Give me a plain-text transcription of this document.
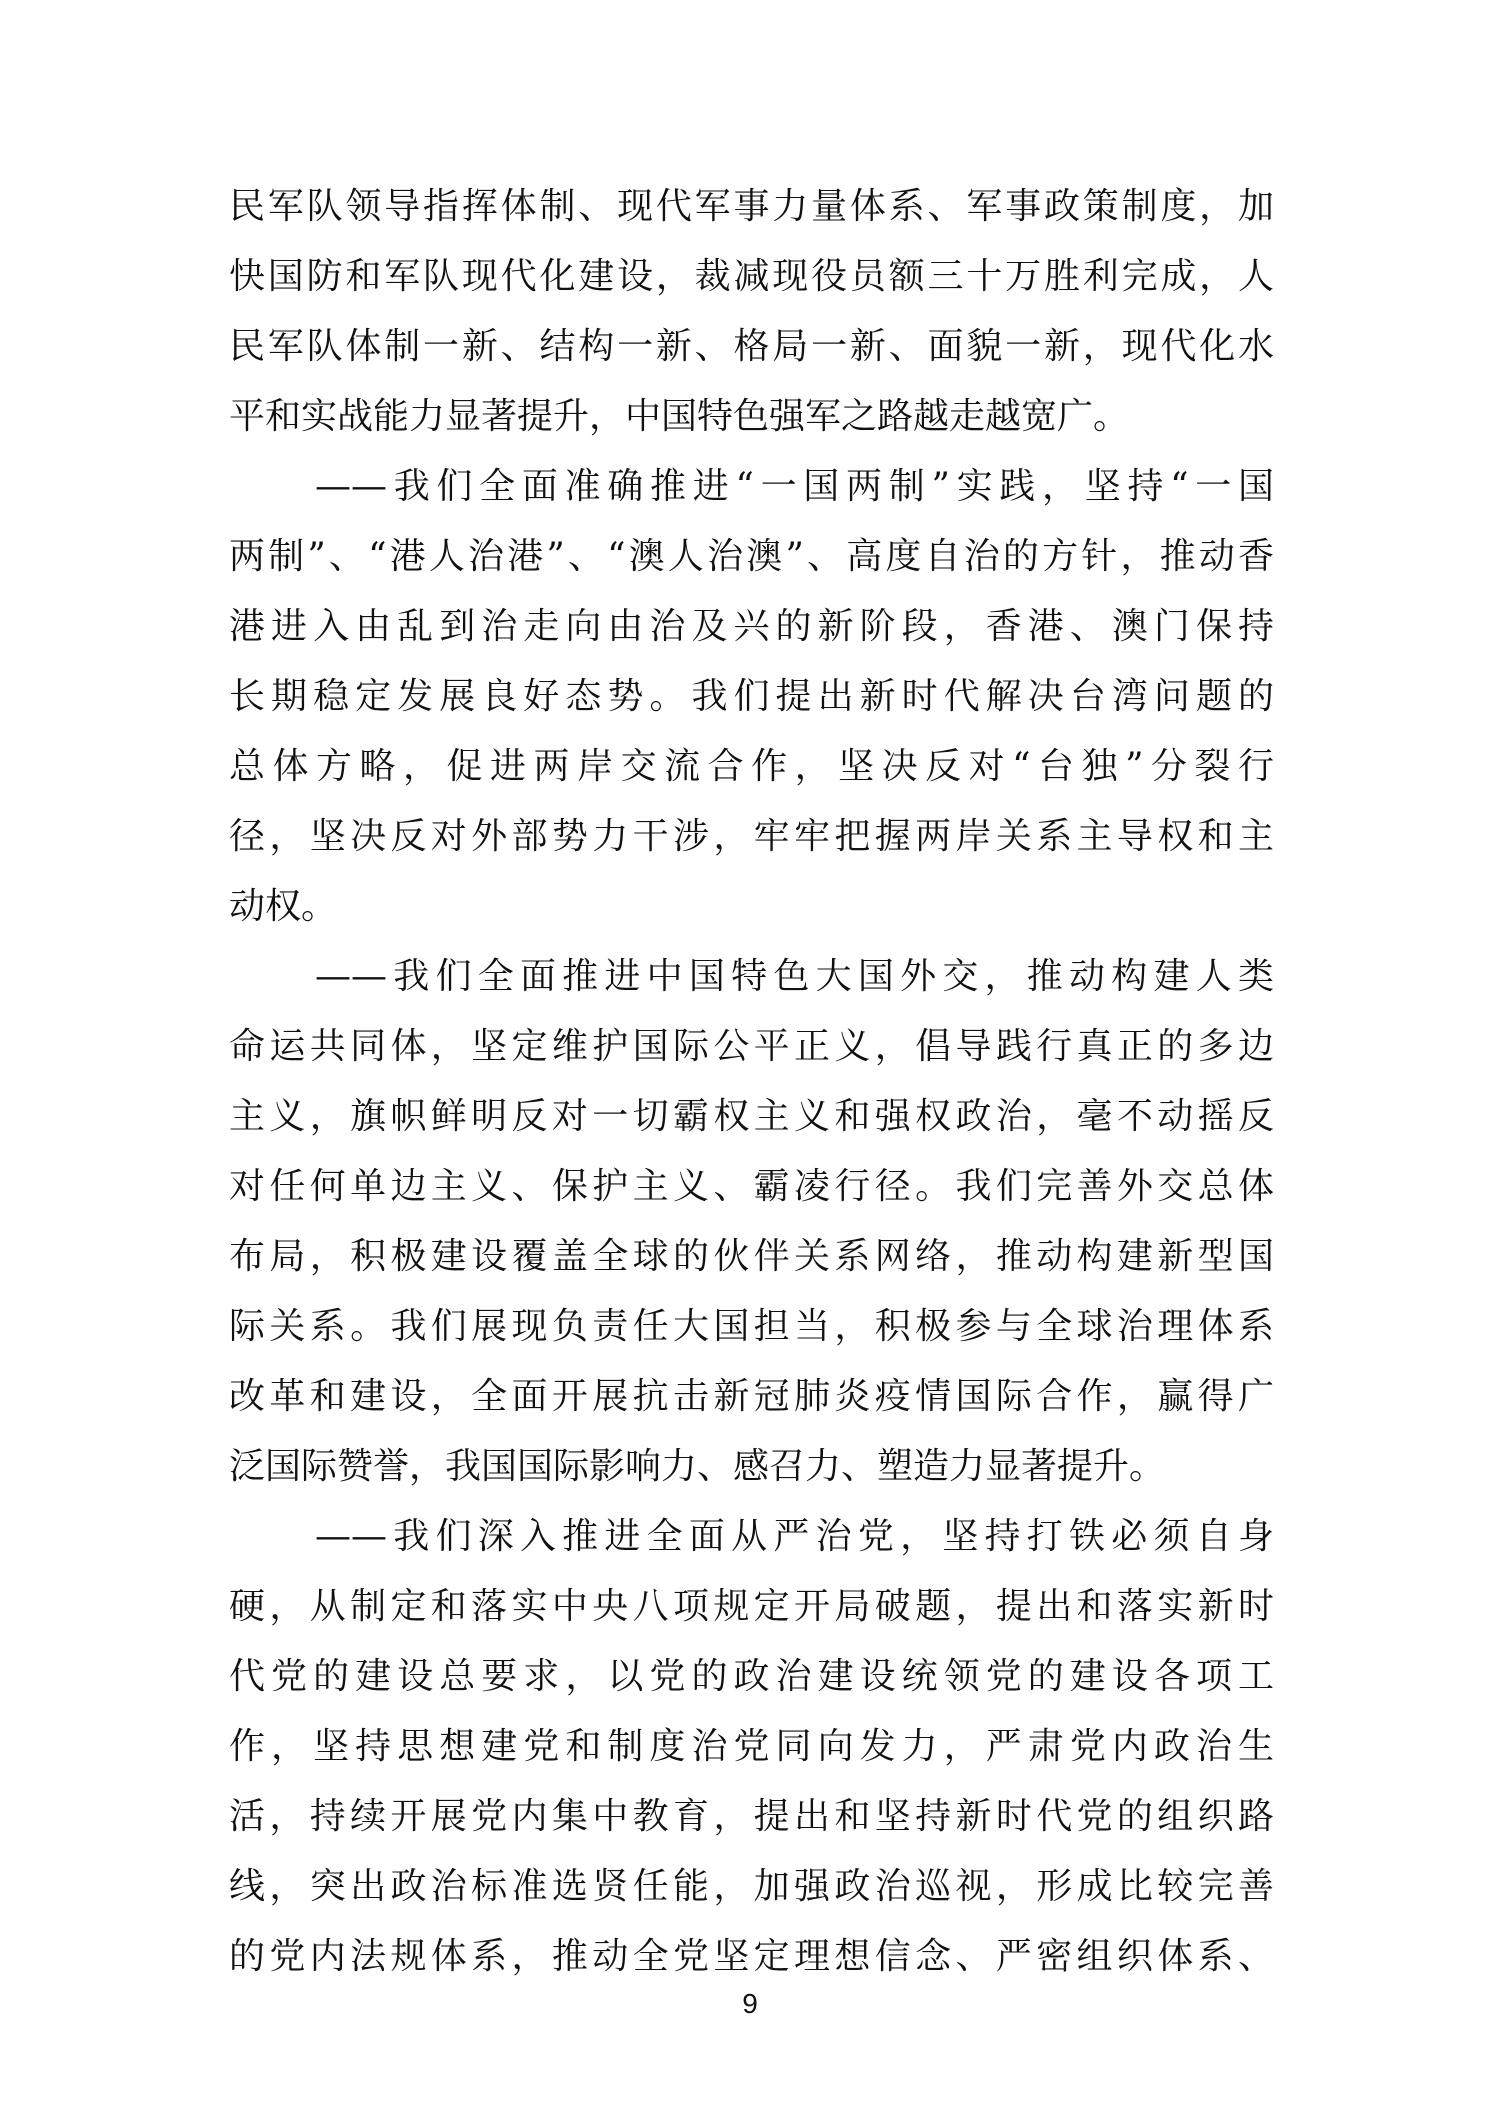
民军队领导指挥体制、现代军事力量体系、军事政策制度，加
快国防和军队现代化建设，裁减现役员额三十万胜利完成，人
民军队体制一新、结构一新、格局一新、面貌一新，现代化水
平和实战能力显著提升，中国特色强军之路越走越宽广。
——我们全面准确推进“一国两制”实践，坚持“一国
两制”、“港人治港”、“澳人治澳”、高度自治的方针，推动香
港进入由乱到治走向由治及兴的新阶段，香港、澳门保持
长期稳定发展良好态势。我们提出新时代解决台湾问题的
总体方略，促进两岸交流合作，坚决反对“台独”分裂行
径，坚决反对外部势力干涉，牢牢把握两岸关系主导权和主
动权。
——我们全面推进中国特色大国外交，推动构建人类
命运共同体，坚定维护国际公平正义，倡导践行真正的多边
主义，旗帜鲜明反对一切霸权主义和强权政治，毫不动摇反
对任何单边主义、保护主义、霸凌行径。我们完善外交总体
布局，积极建设覆盖全球的伙伴关系网络，推动构建新型国
际关系。我们展现负责任大国担当，积极参与全球治理体系
改革和建设，全面开展抗击新冠肺炎疫情国际合作，赢得广
泛国际赞誉，我国国际影响力、感召力、塑造力显著提升。
——我们深入推进全面从严治党，坚持打铁必须自身
硬，从制定和落实中央八项规定开局破题，提出和落实新时
代党的建设总要求，以党的政治建设统领党的建设各项工
作，坚持思想建党和制度治党同向发力，严肃党内政治生
活，持续开展党内集中教育，提出和坚持新时代党的组织路
线，突出政治标准选贤任能，加强政治巡视，形成比较完善
的党内法规体系，推动全党坚定理想信念、严密组织体系、
9
